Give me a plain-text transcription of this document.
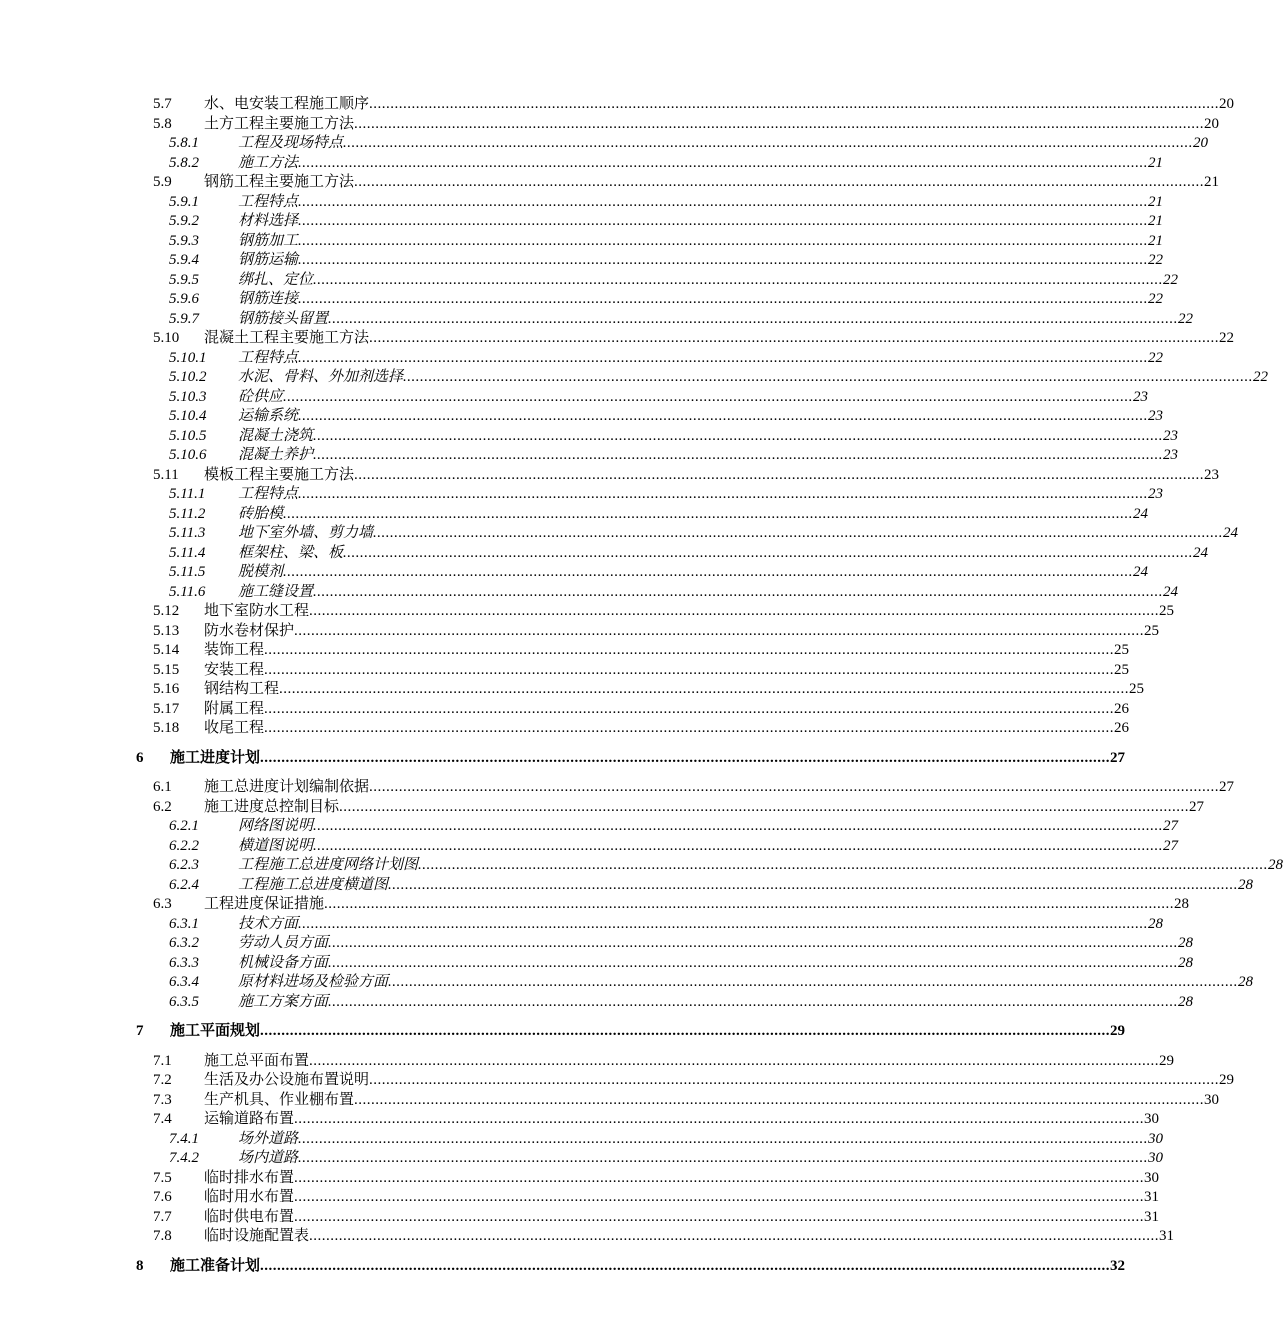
5.7 水、电安装工程施工顺序 ........................................................................................................................................................................................................ 20
5.8 土方工程主要施工方法 ........................................................................................................................................................................................................ 20
5.8.1	工程及现场特点 ........................................................................................................................................................................................................ 20
5.8.2	施工方法 ........................................................................................................................................................................................................ 21
5.9 钢筋工程主要施工方法 ........................................................................................................................................................................................................ 21
5.9.1	工程特点 ........................................................................................................................................................................................................ 21
5.9.2	材料选择 ........................................................................................................................................................................................................ 21
5.9.3	钢筋加工 ........................................................................................................................................................................................................ 21
5.9.4	钢筋运输 ........................................................................................................................................................................................................ 22
5.9.5	绑扎、定位 ........................................................................................................................................................................................................ 22
5.9.6	钢筋连接 ........................................................................................................................................................................................................ 22
5.9.7	钢筋接头留置 ........................................................................................................................................................................................................ 22
5.10 混凝土工程主要施工方法 ........................................................................................................................................................................................................ 22
5.10.1 工程特点 ........................................................................................................................................................................................................ 22
5.10.2 水泥、骨料、外加剂选择 ........................................................................................................................................................................................................ 22
5.10.3 砼供应 ........................................................................................................................................................................................................ 23
5.10.4 运输系统 ........................................................................................................................................................................................................ 23
5.10.5 混凝土浇筑 ........................................................................................................................................................................................................ 23
5.10.6 混凝土养护 ........................................................................................................................................................................................................ 23
5.11 模板工程主要施工方法 ........................................................................................................................................................................................................ 23
5.11.1 工程特点 ........................................................................................................................................................................................................ 23
5.11.2 砖胎模 ........................................................................................................................................................................................................ 24
5.11.3 地下室外墙、剪力墙 ........................................................................................................................................................................................................ 24
5.11.4 框架柱、梁、板 ........................................................................................................................................................................................................ 24
5.11.5 脱模剂 ........................................................................................................................................................................................................ 24
5.11.6 施工缝设置 ........................................................................................................................................................................................................ 24
5.12 地下室防水工程 ........................................................................................................................................................................................................ 25
5.13 防水卷材保护 ........................................................................................................................................................................................................ 25
5.14 装饰工程 ........................................................................................................................................................................................................ 25
5.15 安装工程 ........................................................................................................................................................................................................ 25
5.16 钢结构工程 ........................................................................................................................................................................................................ 25
5.17 附属工程 ........................................................................................................................................................................................................ 26
5.18 收尾工程 ........................................................................................................................................................................................................ 26
6 施工进度计划 ........................................................................................................................................................................................................ 27
6.1 施工总进度计划编制依据 ........................................................................................................................................................................................................ 27
6.2 施工进度总控制目标 ........................................................................................................................................................................................................ 27
6.2.1	网络图说明 ........................................................................................................................................................................................................ 27
6.2.2	横道图说明 ........................................................................................................................................................................................................ 27
6.2.3	工程施工总进度网络计划图 ........................................................................................................................................................................................................ 28
6.2.4	工程施工总进度横道图 ........................................................................................................................................................................................................ 28
6.3 工程进度保证措施 ........................................................................................................................................................................................................ 28
6.3.1	技术方面 ........................................................................................................................................................................................................ 28
6.3.2	劳动人员方面 ........................................................................................................................................................................................................ 28
6.3.3	机械设备方面 ........................................................................................................................................................................................................ 28
6.3.4	原材料进场及检验方面 ........................................................................................................................................................................................................ 28
6.3.5	施工方案方面 ........................................................................................................................................................................................................ 28
7 施工平面规划 ........................................................................................................................................................................................................ 29
7.1 施工总平面布置 ........................................................................................................................................................................................................ 29
7.2 生活及办公设施布置说明 ........................................................................................................................................................................................................ 29
7.3 生产机具、作业棚布置 ........................................................................................................................................................................................................ 30
7.4 运输道路布置 ........................................................................................................................................................................................................ 30
7.4.1	场外道路 ........................................................................................................................................................................................................ 30
7.4.2	场内道路 ........................................................................................................................................................................................................ 30
7.5 临时排水布置 ........................................................................................................................................................................................................ 30
7.6 临时用水布置 ........................................................................................................................................................................................................ 31
7.7 临时供电布置 ........................................................................................................................................................................................................ 31
7.8 临时设施配置表 ........................................................................................................................................................................................................ 31
8 施工准备计划 ........................................................................................................................................................................................................ 32
